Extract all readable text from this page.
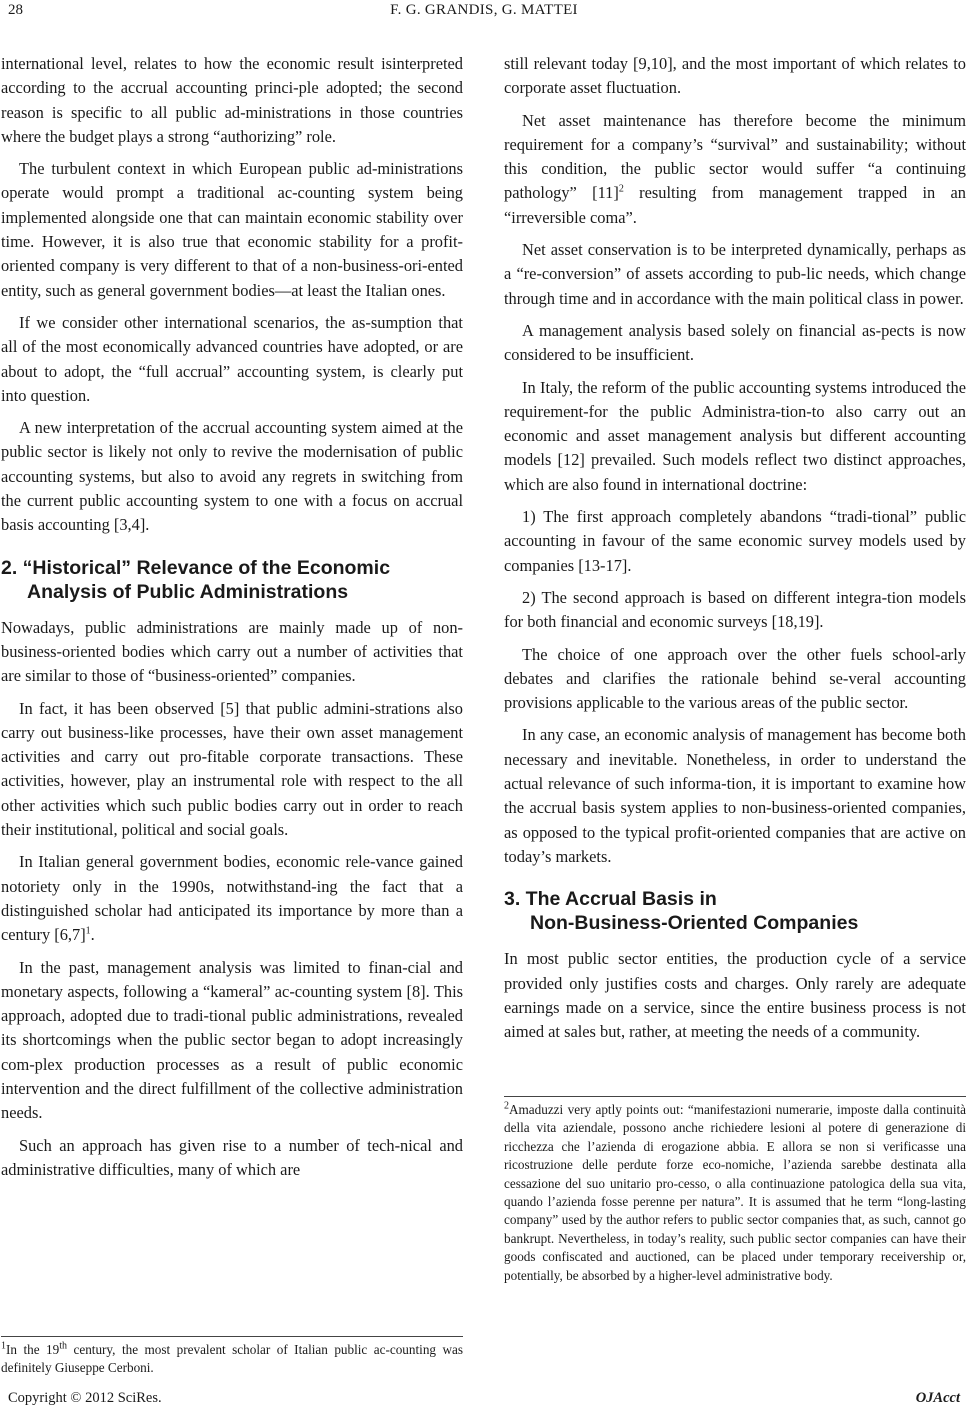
28	F. G. GRANDIS, G. MATTEI

international level, relates to how the economic result isinterpreted according to the accrual accounting princi-ple adopted; the second reason is specific to all public ad-ministrations in those countries where the budget plays a strong “authorizing” role.

The turbulent context in which European public ad-ministrations operate would prompt a traditional ac-counting system being implemented alongside one that can maintain economic stability over time. However, it is also true that economic stability for a profit-oriented company is very different to that of a non-business-ori-ented entity, such as general government bodies—at least the Italian ones.

If we consider other international scenarios, the as-sumption that all of the most economically advanced countries have adopted, or are about to adopt, the “full accrual” accounting system, is clearly put into question.

A new interpretation of the accrual accounting system aimed at the public sector is likely not only to revive the modernisation of public accounting systems, but also to avoid any regrets in switching from the current public accounting system to one with a focus on accrual basis accounting [3,4].

2. “Historical” Relevance of the Economic
Analysis of Public Administrations

Nowadays, public administrations are mainly made up of non-business-oriented bodies which carry out a number of activities that are similar to those of “business-oriented” companies.

In fact, it has been observed [5] that public admini-strations also carry out business-like processes, have their own asset management activities and carry out pro-fitable corporate transactions. These activities, however, play an instrumental role with respect to the all other activities which such public bodies carry out in order to reach their institutional, political and social goals.

In Italian general government bodies, economic rele-vance gained notoriety only in the 1990s, notwithstand-ing the fact that a distinguished scholar had anticipated its importance by more than a century $[6,7]^1$.

In the past, management analysis was limited to finan-cial and monetary aspects, following a “kameral” ac-counting system [8]. This approach, adopted due to tradi-tional public administrations, revealed its shortcomings when the public sector began to adopt increasingly com-plex production processes as a result of public economic intervention and the direct fulfillment of the collective administration needs.

Such an approach has given rise to a number of tech-nical and administrative difficulties, many of which are

$^1$In the 19th century, the most prevalent scholar of Italian public ac-counting was definitely Giuseppe Cerboni.

still relevant today [9,10], and the most important of which relates to corporate asset fluctuation.

Net asset maintenance has therefore become the minimum requirement for a company’s “survival” and sustainability; without this condition, the public sector would suffer “a continuing pathology” $[11]^2$ resulting from management trapped in an “irreversible coma”.

Net asset conservation is to be interpreted dynamically, perhaps as a “re-conversion” of assets according to pub-lic needs, which change through time and in accordance with the main political class in power.

A management analysis based solely on financial as-pects is now considered to be insufficient.

In Italy, the reform of the public accounting systems introduced the requirement-for the public Administra-tion-to also carry out an economic and asset management analysis but different accounting models [12] prevailed. Such models reflect two distinct approaches, which are also found in international doctrine:

1) The first approach completely abandons “tradi-tional” public accounting in favour of the same economic survey models used by companies [13-17].

2) The second approach is based on different integra-tion models for both financial and economic surveys [18,19].

The choice of one approach over the other fuels school-arly debates and clarifies the rationale behind se-veral accounting provisions applicable to the various areas of the public sector.

In any case, an economic analysis of management has become both necessary and inevitable. Nonetheless, in order to understand the actual relevance of such informa-tion, it is important to examine how the accrual basis system applies to non-business-oriented companies, as opposed to the typical profit-oriented companies that are active on today’s markets.

3. The Accrual Basis in
Non-Business-Oriented Companies

In most public sector entities, the production cycle of a service provided only justifies costs and charges. Only rarely are adequate earnings made on a service, since the entire business process is not aimed at sales but, rather, at meeting the needs of a community.

$^2$Amaduzzi very aptly points out: “manifestazioni numerarie, imposte dalla continuità della vita aziendale, possono anche richiedere lesioni al potere di generazione di ricchezza che l’azienda di erogazione abbia. E allora se non si verificasse una ricostruzione delle perdute forze eco-nomiche, l’azienda sarebbe destinata alla cessazione del suo unitario pro-cesso, o alla continuazione patologica della sua vita, quando l’azienda fosse perenne per natura”. It is assumed that he term “long-lasting company” used by the author refers to public sector companies that, as such, cannot go bankrupt. Nevertheless, in today’s reality, such public sector companies can have their goods confiscated and auctioned, can be placed under temporary receivership or, potentially, be absorbed by a higher-level administrative body.

Copyright © 2012 SciRes.	OJAcct
